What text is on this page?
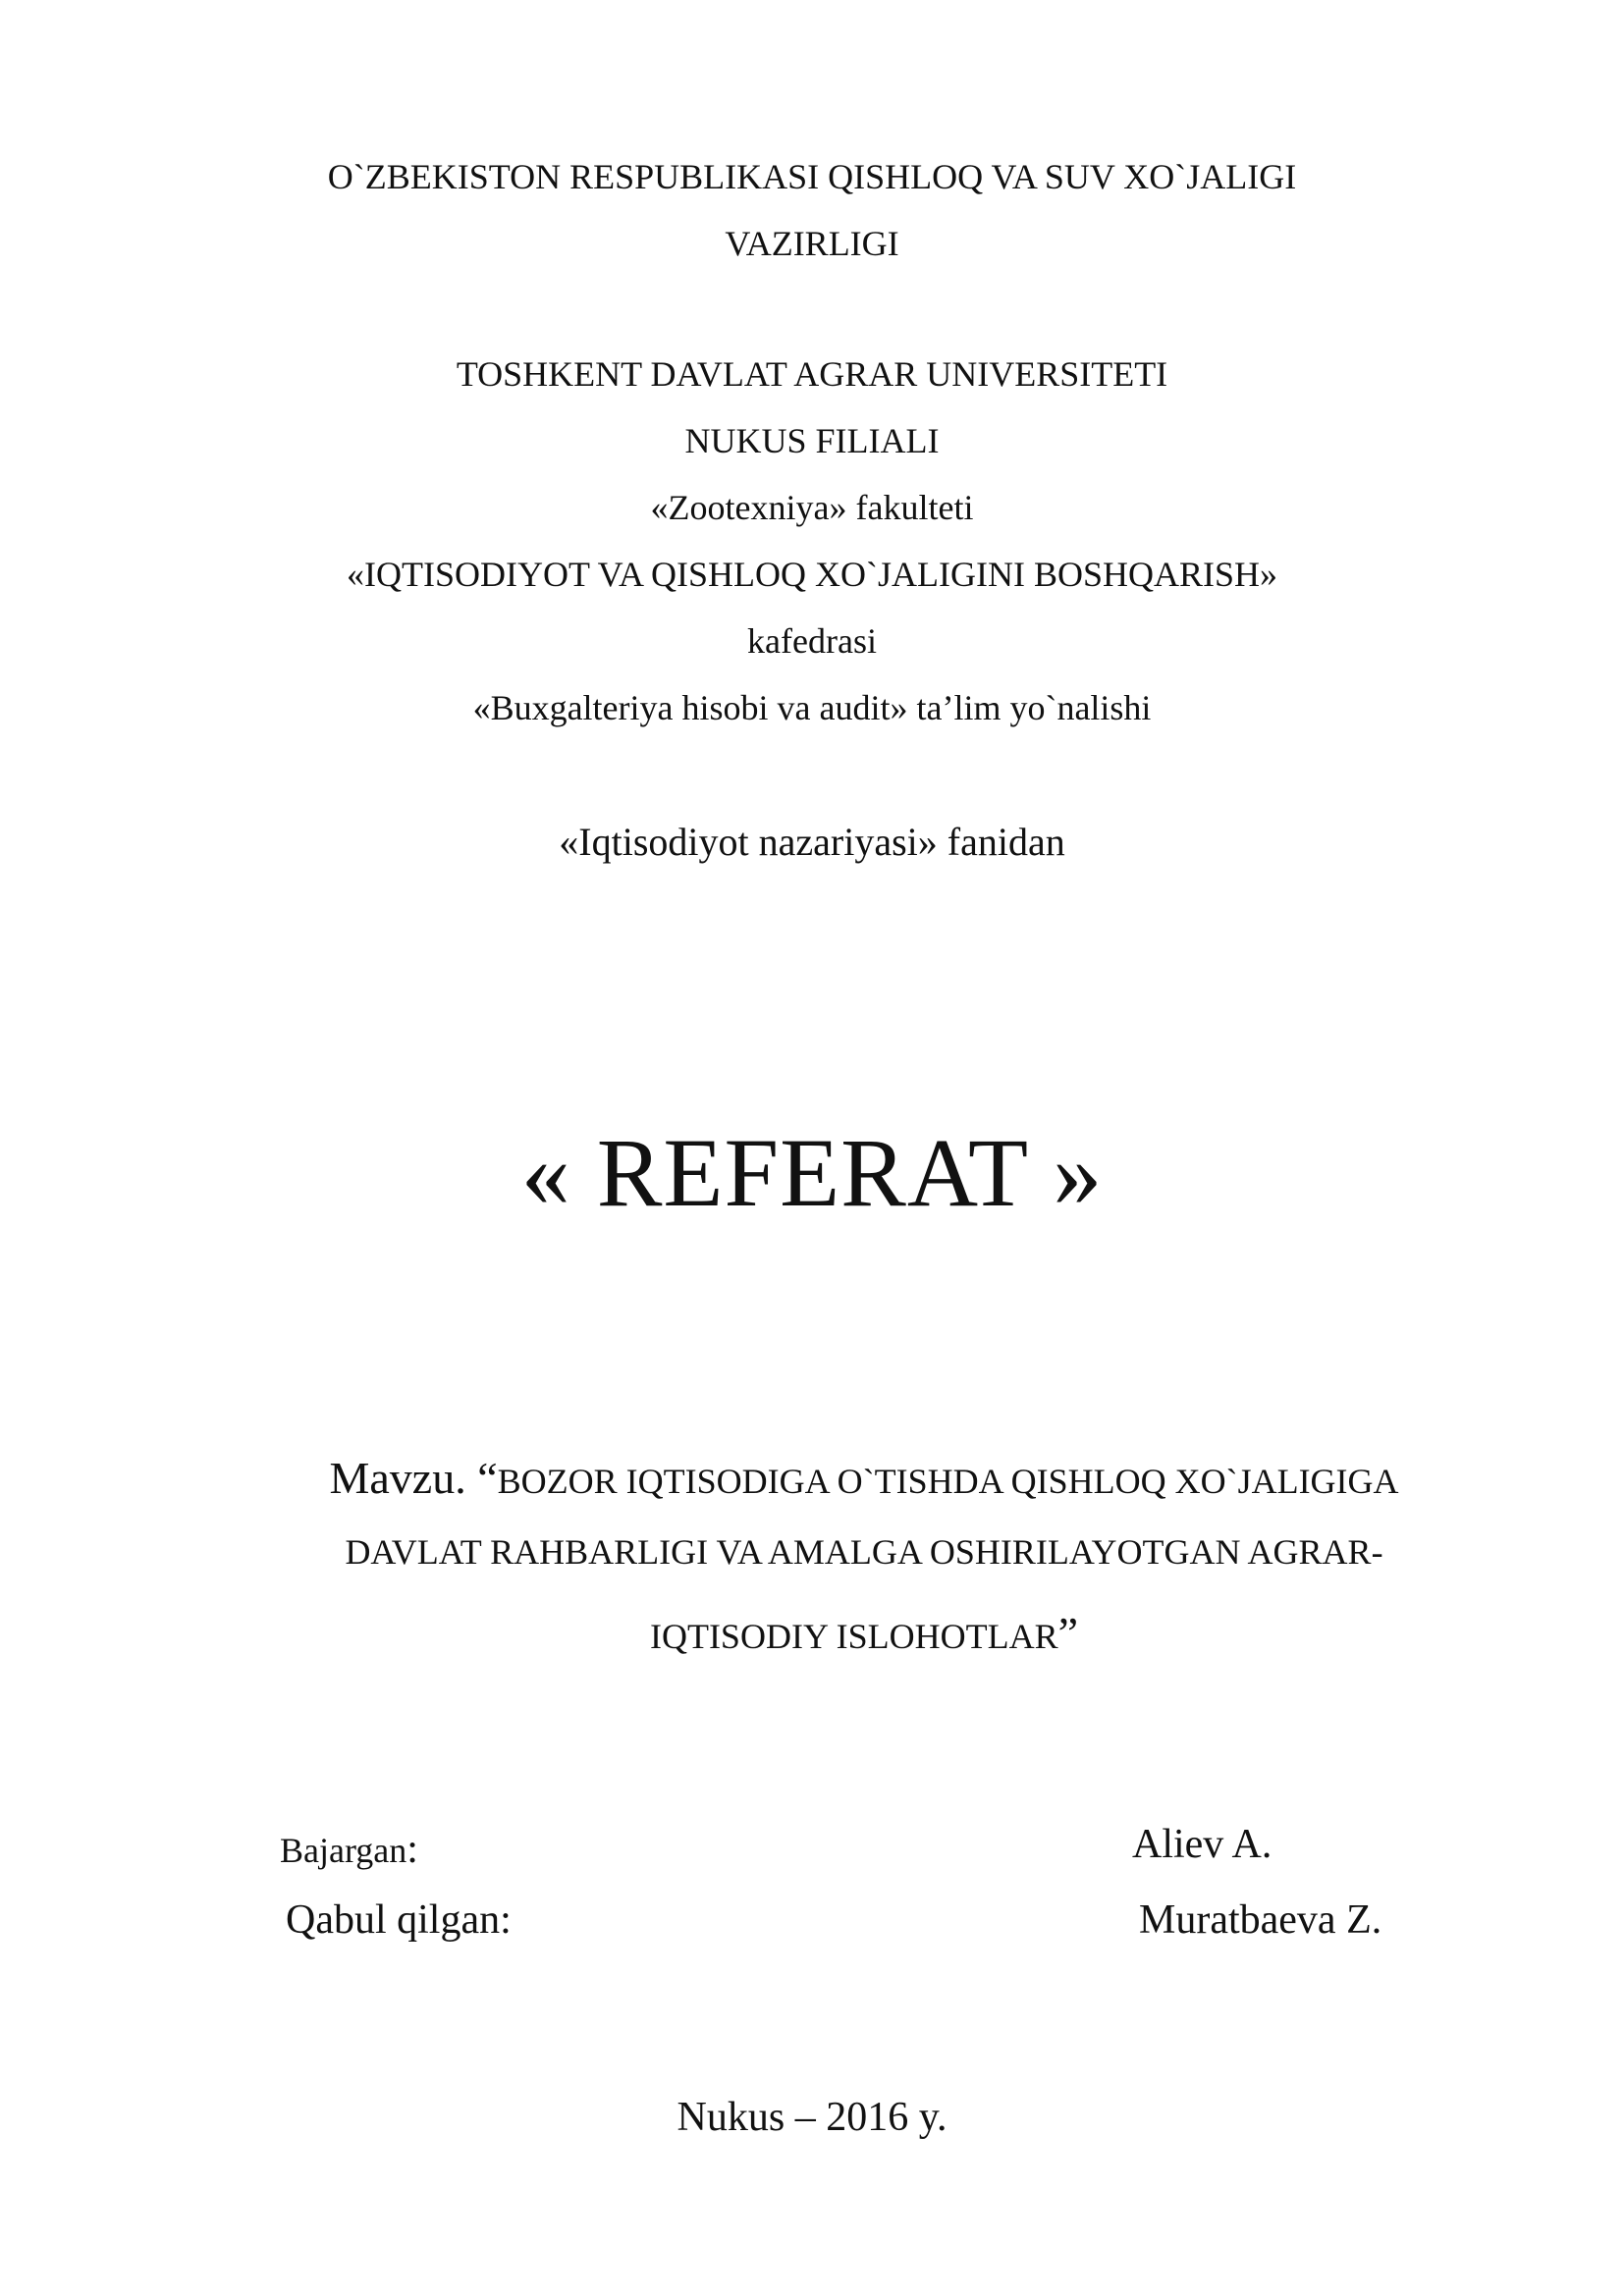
O`ZBEKISTON RESPUBLIKASI QISHLOQ VA SUV XO`JALIGI
VAZIRLIGI
TOSHKENT DAVLAT AGRAR UNIVERSITETI
NUKUS FILIALI
«Zootexniya» fakulteti
«IQTISODIYOT VA QISHLOQ XO`JALIGINI BOSHQARISH»
kafedrasi
«Buxgalteriya hisobi va audit» ta’lim yo`nalishi
«Iqtisodiyot nazariyasi» fanidan
« REFERAT »
Mavzu. “BOZOR IQTISODIGA O`TISHDA QISHLOQ XO`JALIGIGA
DAVLAT RAHBARLIGI VA AMALGA OSHIRILAYOTGAN AGRAR-
IQTISODIY ISLOHOTLAR”
Bajargan:	Aliev A.
Qabul qilgan:	Muratbaeva Z.
Nukus – 2016 y.
